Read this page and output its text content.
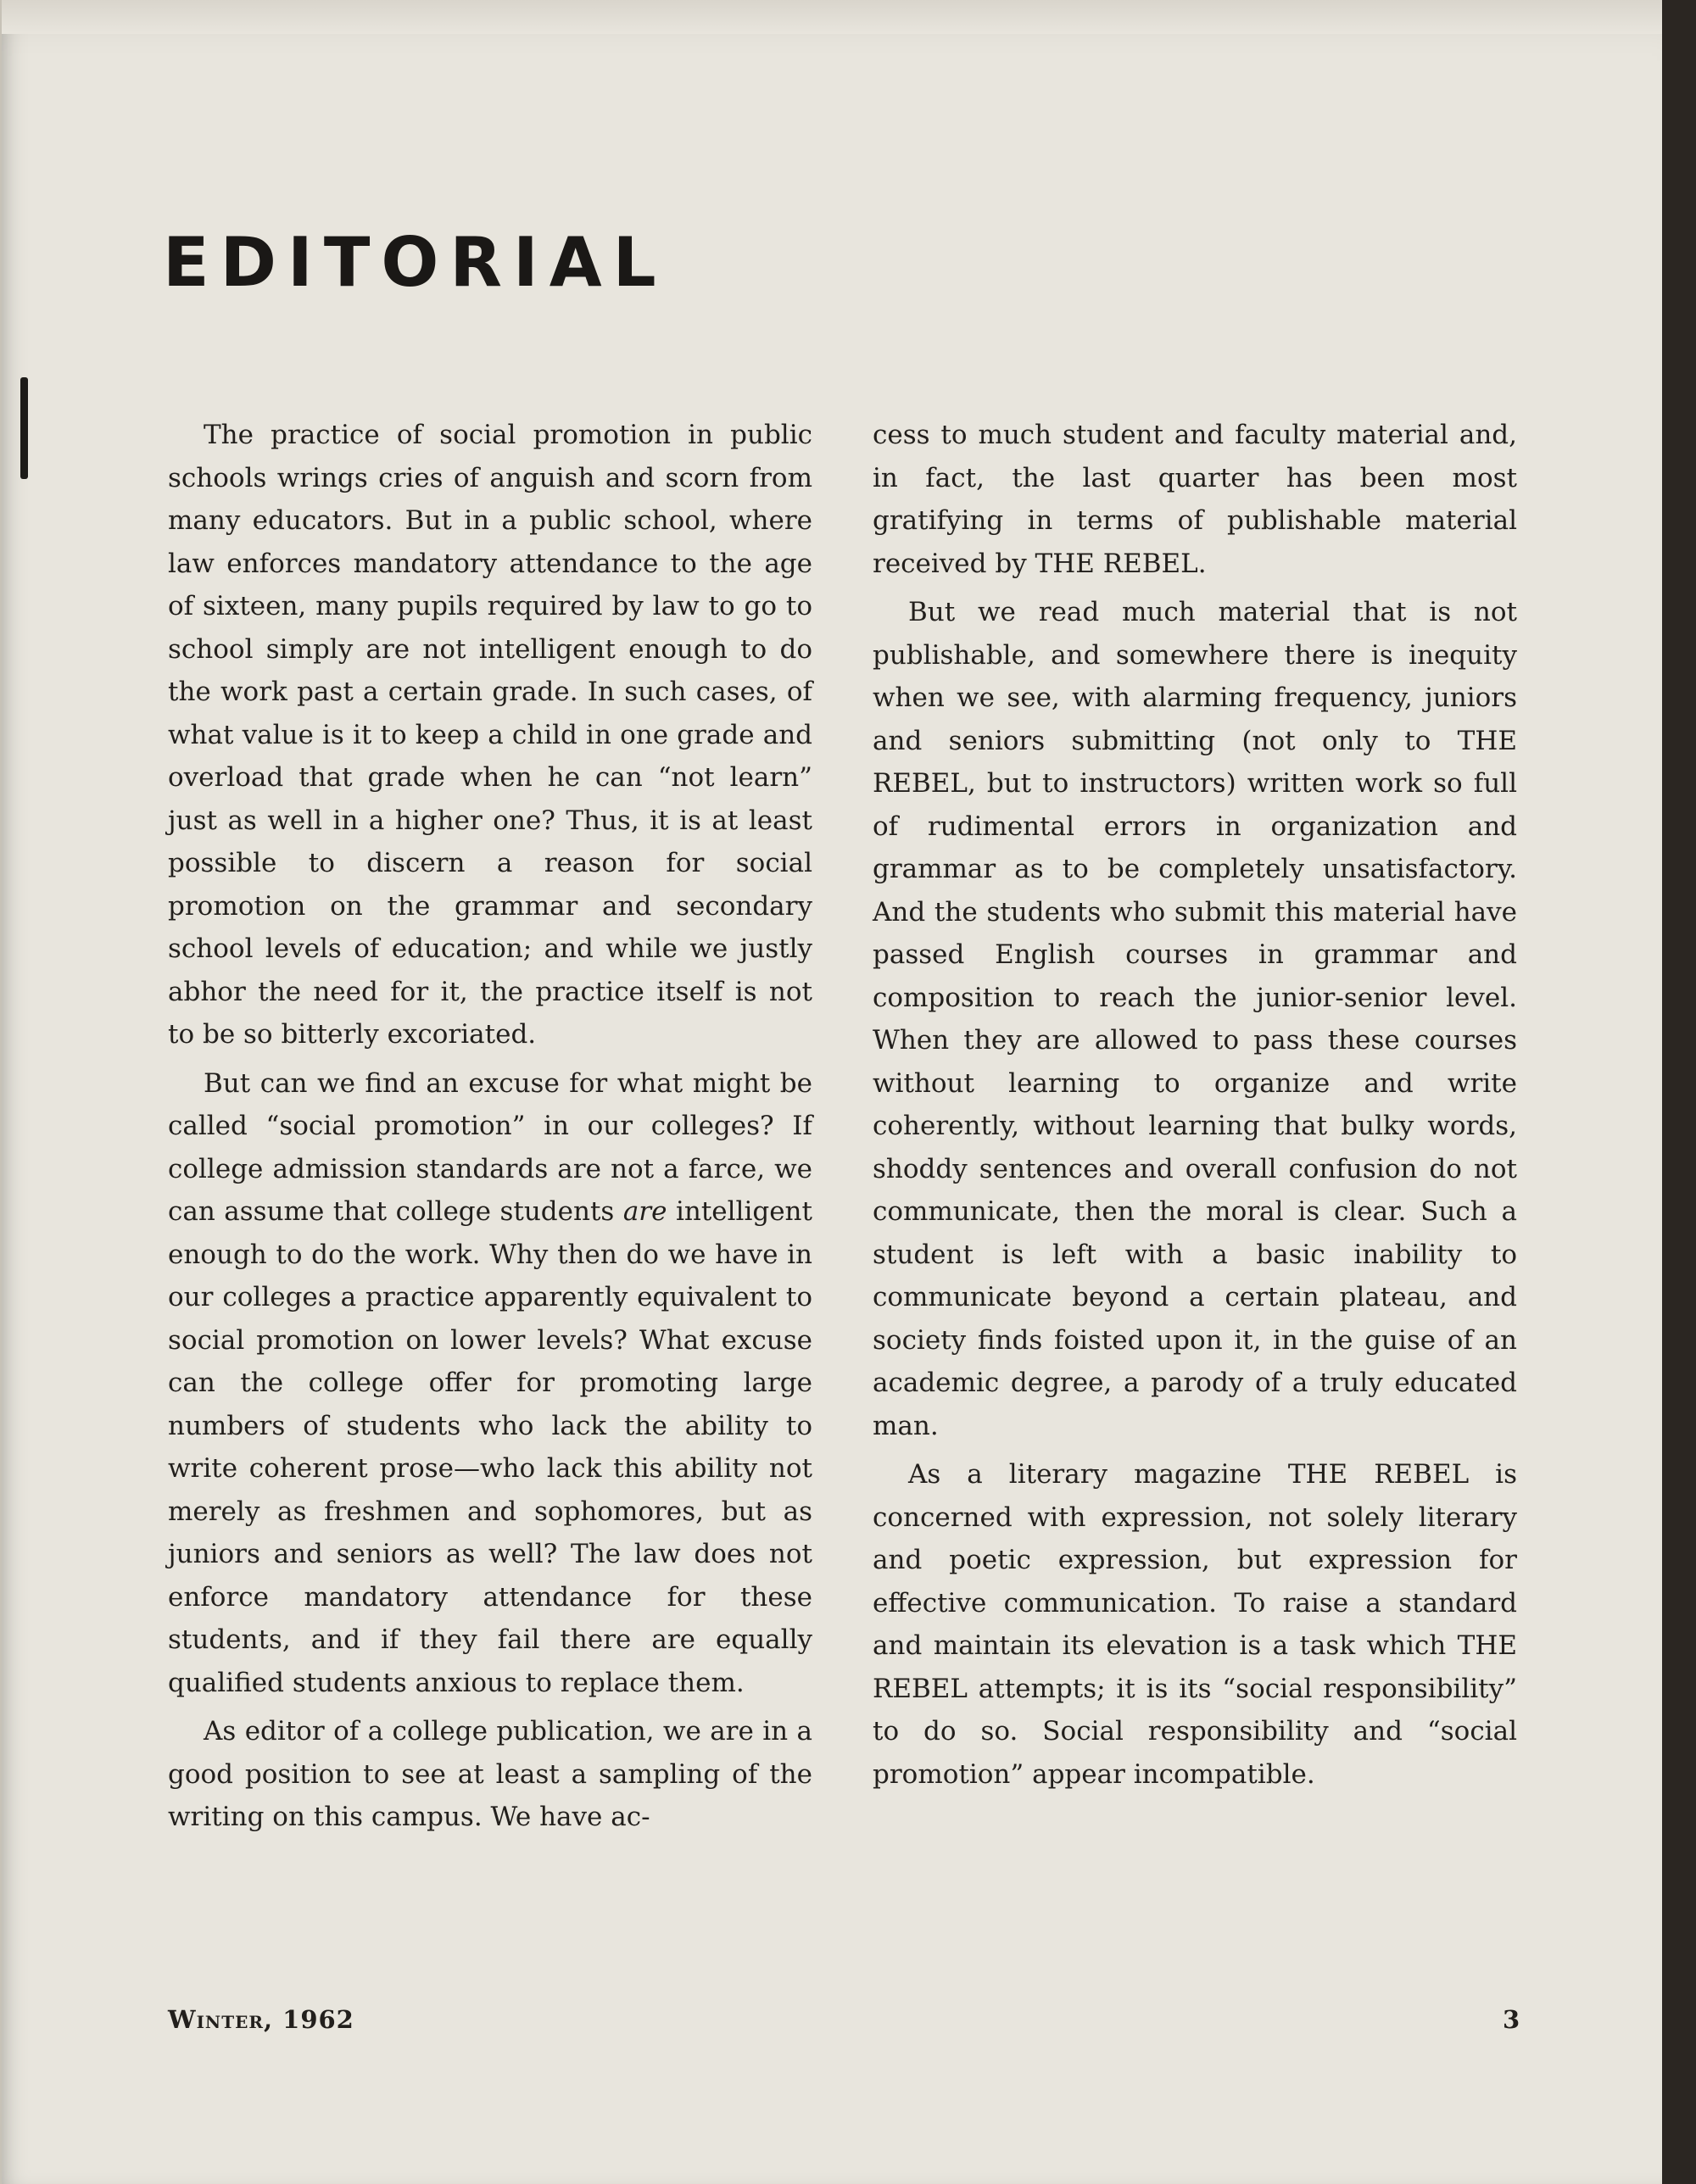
EDITORIAL

The practice of social promotion in public schools wrings cries of anguish and scorn from many educators. But in a public school, where law enforces mandatory attendance to the age of sixteen, many pupils required by law to go to school simply are not intelligent enough to do the work past a certain grade. In such cases, of what value is it to keep a child in one grade and overload that grade when he can “not learn” just as well in a higher one? Thus, it is at least possible to discern a reason for social promotion on the grammar and secondary school levels of education; and while we justly abhor the need for it, the practice itself is not to be so bitterly excoriated.

But can we find an excuse for what might be called “social promotion” in our colleges? If college admission standards are not a farce, we can assume that college students are intelligent enough to do the work. Why then do we have in our colleges a practice apparently equivalent to social promotion on lower levels? What excuse can the college offer for promoting large numbers of students who lack the ability to write coherent prose—who lack this ability not merely as freshmen and sophomores, but as juniors and seniors as well? The law does not enforce mandatory attendance for these students, and if they fail there are equally qualified students anxious to replace them.

As editor of a college publication, we are in a good position to see at least a sampling of the writing on this campus. We have ac-

cess to much student and faculty material and, in fact, the last quarter has been most gratifying in terms of publishable material received by THE REBEL.

But we read much material that is not publishable, and somewhere there is inequity when we see, with alarming frequency, juniors and seniors submitting (not only to THE REBEL, but to instructors) written work so full of rudimental errors in organization and grammar as to be completely unsatisfactory. And the students who submit this material have passed English courses in grammar and composition to reach the junior-senior level. When they are allowed to pass these courses without learning to organize and write coherently, without learning that bulky words, shoddy sentences and overall confusion do not communicate, then the moral is clear. Such a student is left with a basic inability to communicate beyond a certain plateau, and society finds foisted upon it, in the guise of an academic degree, a parody of a truly educated man.

As a literary magazine THE REBEL is concerned with expression, not solely literary and poetic expression, but expression for effective communication. To raise a standard and maintain its elevation is a task which THE REBEL attempts; it is its “social responsibility” to do so. Social responsibility and “social promotion” appear incompatible.

Winter, 1962	3
